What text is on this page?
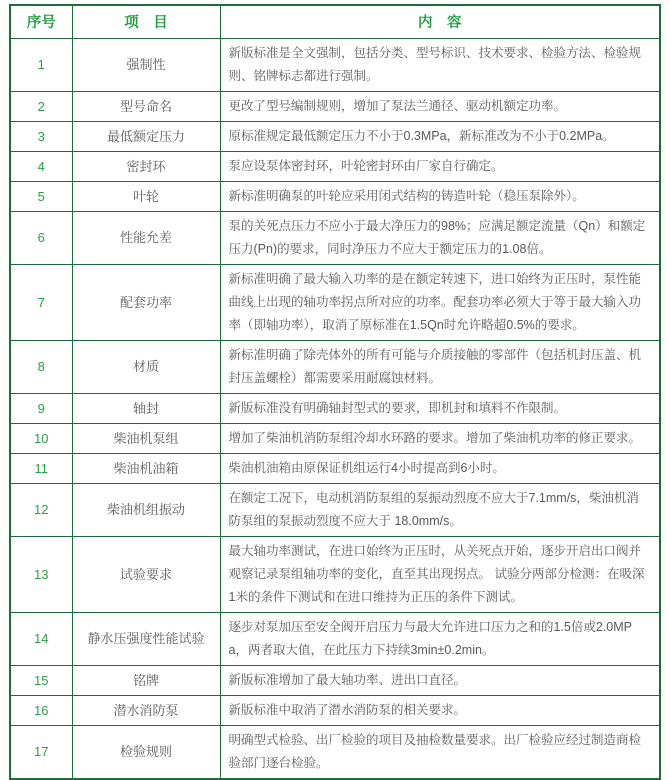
序号	项　目	内　容
1	强制性	新版标准是全文强制，包括分类、型号标识、技术要求、检验方法、检验规则、铭牌标志都进行强制。
2	型号命名	更改了型号编制规则，增加了泵法兰通径、驱动机额定功率。
3	最低额定压力	原标准规定最低额定压力不小于0.3MPa，新标准改为不小于0.2MPa。
4	密封环	泵应设泵体密封环，叶轮密封环由厂家自行确定。
5	叶轮	新标准明确泵的叶轮应采用闭式结构的铸造叶轮（稳压泵除外）。
6	性能允差	泵的关死点压力不应小于最大净压力的98%；应满足额定流量（Qn）和额定压力(Pn)的要求，同时净压力不应大于额定压力的1.08倍。
7	配套功率	新标准明确了最大输入功率的是在额定转速下，进口始终为正压时，泵性能曲线上出现的轴功率拐点所对应的功率。配套功率必须大于等于最大输入功率（即轴功率），取消了原标准在1.5Qn时允许略超0.5%的要求。
8	材质	新标准明确了除壳体外的所有可能与介质接触的零部件（包括机封压盖、机封压盖螺栓）都需要采用耐腐蚀材料。
9	轴封	新版标准没有明确轴封型式的要求，即机封和填料不作限制。
10	柴油机泵组	增加了柴油机消防泵组冷却水环路的要求。增加了柴油机功率的修正要求。
11	柴油机油箱	柴油机油箱由原保证机组运行4小时提高到6小时。
12	柴油机组振动	在额定工况下，电动机消防泵组的泵振动烈度不应大于7.1mm/s，柴油机消防泵组的泵振动烈度不应大于 18.0mm/s。
13	试验要求	最大轴功率测试，在进口始终为正压时，从关死点开始，逐步开启出口阀并观察记录泵组轴功率的变化，直至其出现拐点。 试验分两部分检测：在吸深1米的条件下测试和在进口维持为正压的条件下测试。
14	静水压强度性能试验	逐步对泵加压至安全阀开启压力与最大允许进口压力之和的1.5倍或2.0MPa，两者取大值，在此压力下持续3min±0.2min。
15	铭牌	新版标准增加了最大轴功率、进出口直径。
16	潜水消防泵	新版标准中取消了潜水消防泵的相关要求。
17	检验规则	明确型式检验、出厂检验的项目及抽检数量要求。出厂检验应经过制造商检验部门逐台检验。
